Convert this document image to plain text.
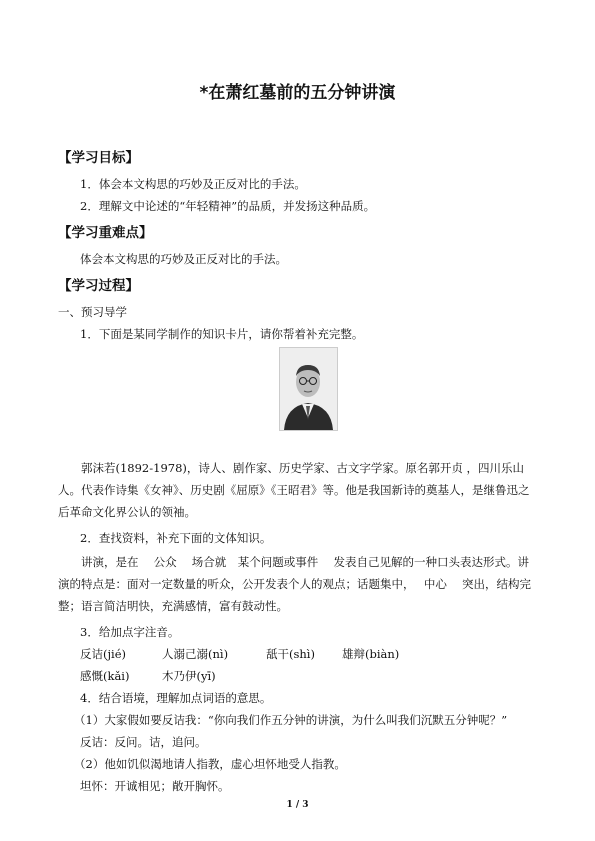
*在萧红墓前的五分钟讲演
【学习目标】
1．体会本文构思的巧妙及正反对比的手法。
2．理解文中论述的“年轻精神”的品质，并发扬这种品质。
【学习重难点】
体会本文构思的巧妙及正反对比的手法。
【学习过程】
一、预习导学
1．下面是某同学制作的知识卡片，请你帮着补充完整。
郭沫若(1892-1978)，诗人、剧作家、历史学家、古文字学家。原名郭开贞 ，四川乐山人。代表作诗集《女神》、历史剧《屈原》《王昭君》等。他是我国新诗的奠基人，是继鲁迅之后革命文化界公认的领袖。
2．查找资料，补充下面的文体知识。
讲演，是在　 公众　 场合就　某个问题或事件　 发表自己见解的一种口头表达形式。讲演的特点是：面对一定数量的听众，公开发表个人的观点；话题集中，　 中心　 突出，结构完整；语言简洁明快，充满感情，富有鼓动性。
3．给加点字注音。
反诘(jié)	人溺己溺(nì)	舐干(shì) 雄辩(biàn)
感慨(kǎi)	木乃伊(yī)
4．结合语境，理解加点词语的意思。
（1）大家假如要反诘我：“你向我们作五分钟的讲演，为什么叫我们沉默五分钟呢？”
反诘：反问。诘，追问。
（2）他如饥似渴地请人指教，虚心坦怀地受人指教。
坦怀：开诚相见；敞开胸怀。
1 / 3
